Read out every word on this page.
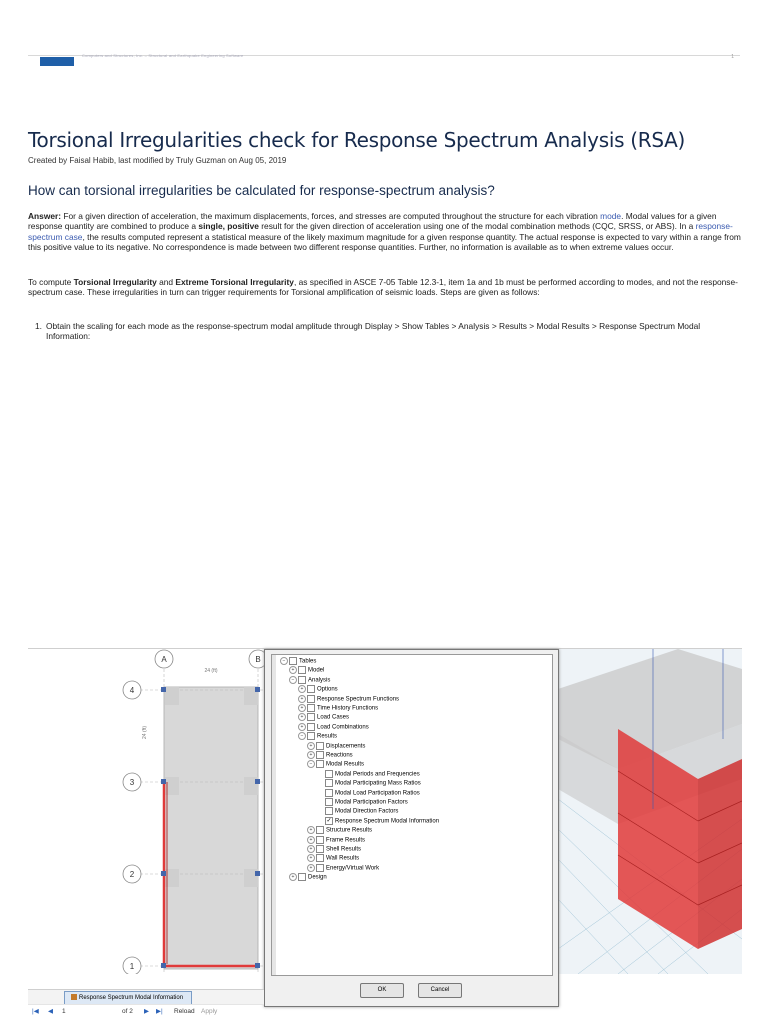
Computers and Structures, Inc. – Structural and Earthquake Engineering Software	1
Torsional Irregularities check for Response Spectrum Analysis (RSA)
Created by Faisal Habib, last modified by Truly Guzman on Aug 05, 2019
How can torsional irregularities be calculated for response-spectrum analysis?

Answer: For a given direction of acceleration, the maximum displacements, forces, and stresses are computed throughout the structure for each vibration mode. Modal values for a given response quantity are combined to produce a single, positive result for the given direction of acceleration using one of the modal combination methods (CQC, SRSS, or ABS). In a response-spectrum case, the results computed represent a statistical measure of the likely maximum magnitude for a given response quantity. The actual response is expected to vary within a range from this positive value to its negative. No correspondence is made between two different response quantities. Further, no information is available as to when extreme values occur.

To compute Torsional Irregularity and Extreme Torsional Irregularity, as specified in ASCE 7-05 Table 12.3-1, item 1a and 1b must be performed according to modes, and not the response-spectrum case. These irregularities in turn can trigger requirements for Torsional amplification of seismic loads. Steps are given as follows:

1. Obtain the scaling for each mode as the response-spectrum modal amplitude through Display > Show Tables > Analysis > Results > Modal Results > Response Spectrum Modal Information:
A	B
4
3
2
1
24 (ft)
24 (ft)
− Tables
+ Model
− Analysis
+ Options
+ Response Spectrum Functions
+ Time History Functions
+ Load Cases
+ Load Combinations
− Results
+ Displacements
+ Reactions
− Modal Results
Modal Periods and Frequencies
Modal Participating Mass Ratios
Modal Load Participation Ratios
Modal Participation Factors
Modal Direction Factors
✓ Response Spectrum Modal Information
+ Structure Results
+ Frame Results
+ Shell Results
+ Wall Results
+ Energy/Virtual Work
+ Design
OK	Cancel
Response Spectrum Modal Information
|◀ ◀ 1	of 2 ▶ ▶| Reload Apply
